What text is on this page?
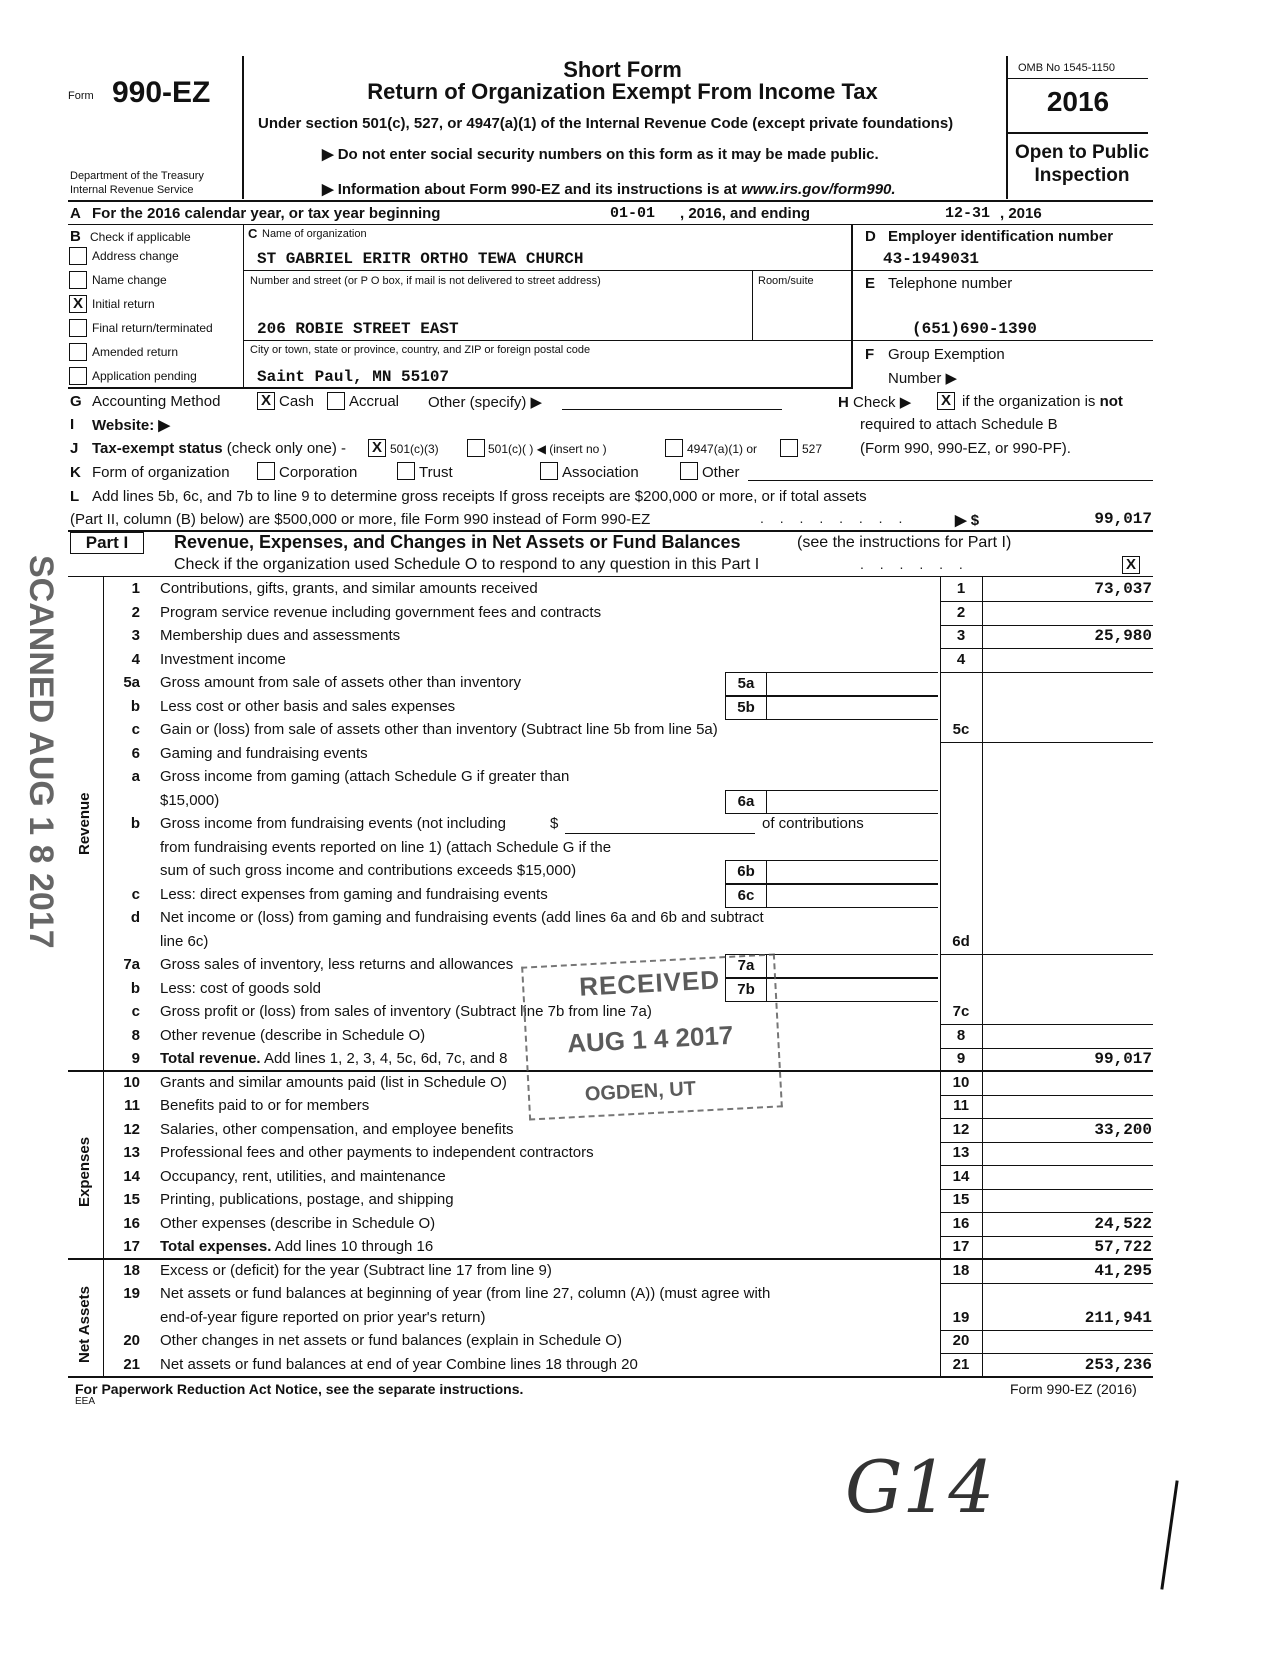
Form 990-EZ
Department of the Treasury
Internal Revenue Service
Short Form
Return of Organization Exempt From Income Tax
Under section 501(c), 527, or 4947(a)(1) of the Internal Revenue Code (except private foundations)
▶ Do not enter social security numbers on this form as it may be made public.
▶ Information about Form 990-EZ and its instructions is at www.irs.gov/form990.
OMB No 1545-1150
2016
Open to Public
Inspection
A For the 2016 calendar year, or tax year beginning	01-01 , 2016, and ending	12-31 , 2016
B Check if applicable
Address change
Name change
X Initial return
Final return/terminated
Amended return
Application pending
C Name of organization
ST GABRIEL ERITR ORTHO TEWA CHURCH
Number and street (or P O box, if mail is not delivered to street address)	Room/suite
206 ROBIE STREET EAST
City or town, state or province, country, and ZIP or foreign postal code
Saint Paul, MN 55107
D Employer identification number
43-1949031
E Telephone number
(651)690-1390
F Group Exemption
Number ▶
G Accounting Method	X Cash Accrual Other (specify) ▶	H Check ▶ X if the organization is not
required to attach Schedule B
(Form 990, 990-EZ, or 990-PF).
I Website: ▶
J Tax-exempt status (check only one) - X 501(c)(3)	501(c)( ) ◀ (insert no )	4947(a)(1) or	527
K Form of organization	Corporation	Trust	Association	Other
L Add lines 5b, 6c, and 7b to line 9 to determine gross receipts If gross receipts are $200,000 or more, or if total assets
(Part II, column (B) below) are $500,000 or more, file Form 990 instead of Form 990-EZ	. . . . . . . .	▶ $	99,017
Part I	Revenue, Expenses, and Changes in Net Assets or Fund Balances	(see the instructions for Part I)
Check if the organization used Schedule O to respond to any question in this Part I	. . . . . .	X
Revenue
Expenses
Net Assets
1 Contributions, gifts, grants, and similar amounts received	1	73,037
2 Program service revenue including government fees and contracts	2
3 Membership dues and assessments	3	25,980
4 Investment income	4
5a Gross amount from sale of assets other than inventory	5a
b Less cost or other basis and sales expenses	5b
c Gain or (loss) from sale of assets other than inventory (Subtract line 5b from line 5a)	5c
6 Gaming and fundraising events
a Gross income from gaming (attach Schedule G if greater than
$15,000)	6a
b Gross income from fundraising events (not including	$	of contributions
from fundraising events reported on line 1) (attach Schedule G if the
sum of such gross income and contributions exceeds $15,000)	6b
c Less: direct expenses from gaming and fundraising events	6c
d Net income or (loss) from gaming and fundraising events (add lines 6a and 6b and subtract
line 6c)	6d
7a Gross sales of inventory, less returns and allowances	7a
b Less: cost of goods sold	7b
c Gross profit or (loss) from sales of inventory (Subtract line 7b from line 7a)	7c
8 Other revenue (describe in Schedule O)	8
9 Total revenue. Add lines 1, 2, 3, 4, 5c, 6d, 7c, and 8	9	99,017
10 Grants and similar amounts paid (list in Schedule O)	10
11 Benefits paid to or for members	11
12 Salaries, other compensation, and employee benefits	12	33,200
13 Professional fees and other payments to independent contractors	13
14 Occupancy, rent, utilities, and maintenance	14
15 Printing, publications, postage, and shipping	15
16 Other expenses (describe in Schedule O)	16	24,522
17 Total expenses. Add lines 10 through 16	17	57,722
18 Excess or (deficit) for the year (Subtract line 17 from line 9)	18	41,295
19 Net assets or fund balances at beginning of year (from line 27, column (A)) (must agree with
end-of-year figure reported on prior year's return)	19	211,941
20 Other changes in net assets or fund balances (explain in Schedule O)	20
21 Net assets or fund balances at end of year Combine lines 18 through 20	21	253,236
For Paperwork Reduction Act Notice, see the separate instructions.
EEA
Form 990-EZ (2016)
RECEIVED
AUG 1 4 2017
OGDEN, UT
SCANNED AUG 1 8 2017
G14
